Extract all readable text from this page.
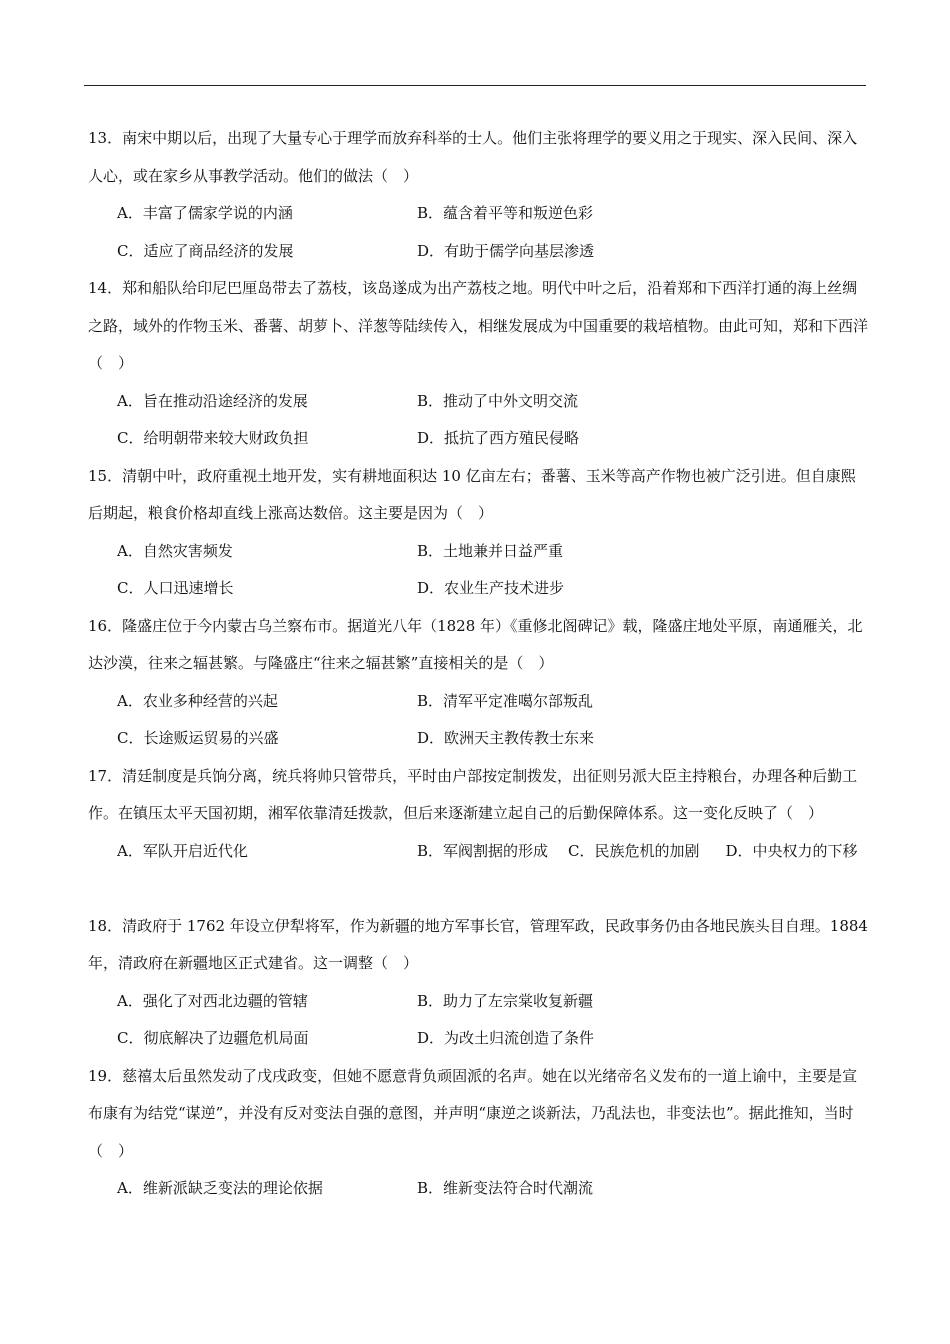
13．南宋中期以后，出现了大量专心于理学而放弃科举的士人。他们主张将理学的要义用之于现实、深入民间、深入人心，或在家乡从事教学活动。他们的做法（　）

A．丰富了儒家学说的内涵	B．蕴含着平等和叛逆色彩
C．适应了商品经济的发展	D．有助于儒学向基层渗透

14．郑和船队给印尼巴厘岛带去了荔枝，该岛遂成为出产荔枝之地。明代中叶之后，沿着郑和下西洋打通的海上丝绸之路，域外的作物玉米、番薯、胡萝卜、洋葱等陆续传入，相继发展成为中国重要的栽培植物。由此可知，郑和下西洋（　）

A．旨在推动沿途经济的发展	B．推动了中外文明交流
C．给明朝带来较大财政负担	D．抵抗了西方殖民侵略

15．清朝中叶，政府重视土地开发，实有耕地面积达 10 亿亩左右；番薯、玉米等高产作物也被广泛引进。但自康熙后期起，粮食价格却直线上涨高达数倍。这主要是因为（　）

A．自然灾害频发	B．土地兼并日益严重
C．人口迅速增长	D．农业生产技术进步

16．隆盛庄位于今内蒙古乌兰察布市。据道光八年（1828 年）《重修北阁碑记》载，隆盛庄地处平原，南通雁关，北达沙漠，往来之辐甚繁。与隆盛庄“往来之辐甚繁”直接相关的是（　）

A．农业多种经营的兴起	B．清军平定准噶尔部叛乱
C．长途贩运贸易的兴盛	D．欧洲天主教传教士东来

17．清廷制度是兵饷分离，统兵将帅只管带兵，平时由户部按定制拨发，出征则另派大臣主持粮台，办理各种后勤工作。在镇压太平天国初期，湘军依靠清廷拨款，但后来逐渐建立起自己的后勤保障体系。这一变化反映了（　）

A．军队开启近代化	B．军阀割据的形成 C．民族危机的加剧 D．中央权力的下移

18．清政府于 1762 年设立伊犁将军，作为新疆的地方军事长官，管理军政，民政事务仍由各地民族头目自理。1884 年，清政府在新疆地区正式建省。这一调整（　）

A．强化了对西北边疆的管辖	B．助力了左宗棠收复新疆
C．彻底解决了边疆危机局面	D．为改土归流创造了条件

19．慈禧太后虽然发动了戊戌政变，但她不愿意背负顽固派的名声。她在以光绪帝名义发布的一道上谕中，主要是宣布康有为结党“谋逆”，并没有反对变法自强的意图，并声明“康逆之谈新法，乃乱法也，非变法也”。据此推知，当时（　）

A．维新派缺乏变法的理论依据	B．维新变法符合时代潮流
